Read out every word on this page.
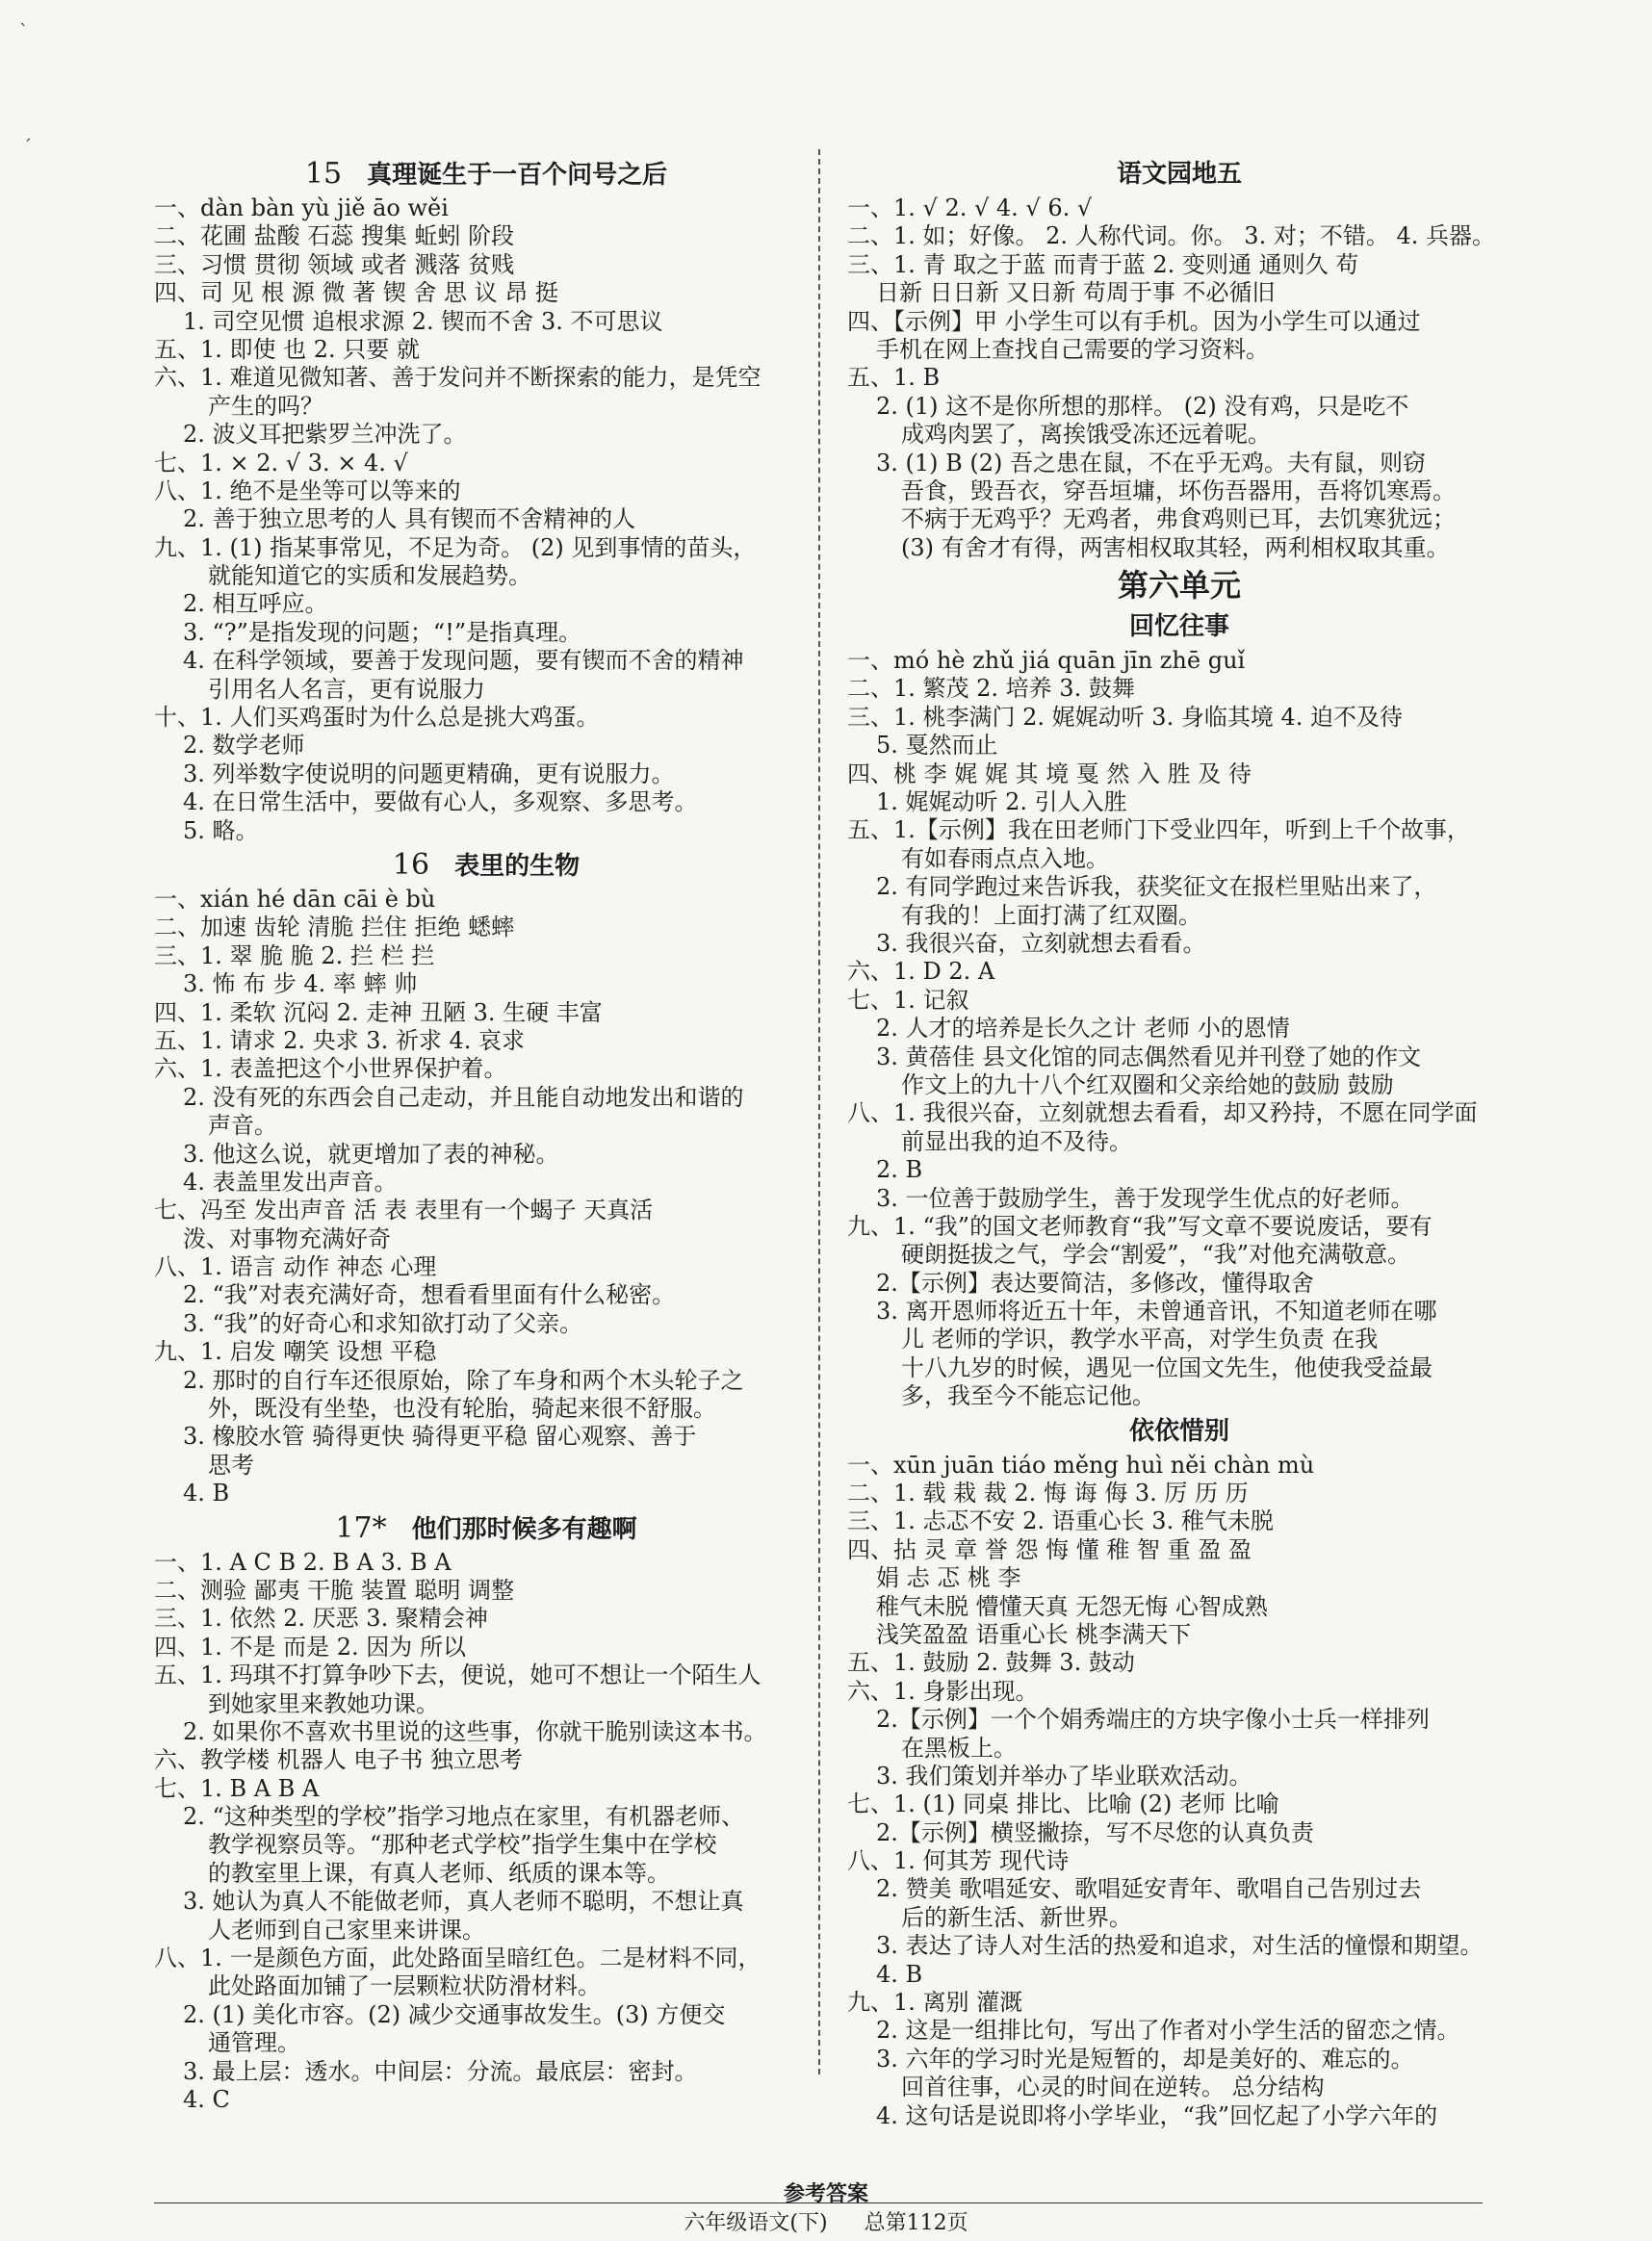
ˋ
ˊ
15 真理诞生于一百个问号之后
一、dàn bàn yù jiě āo wěi
二、花圃 盐酸 石蕊 搜集 蚯蚓 阶段
三、习惯 贯彻 领域 或者 溅落 贫贱
四、司 见 根 源 微 著 锲 舍 思 议 昂 挺
1. 司空见惯 追根求源 2. 锲而不舍 3. 不可思议
五、1. 即使 也 2. 只要 就
六、1. 难道见微知著、善于发问并不断探索的能力，是凭空
产生的吗？
2. 波义耳把紫罗兰冲洗了。
七、1. × 2. √ 3. × 4. √
八、1. 绝不是坐等可以等来的
2. 善于独立思考的人 具有锲而不舍精神的人
九、1. (1) 指某事常见，不足为奇。 (2) 见到事情的苗头，
就能知道它的实质和发展趋势。
2. 相互呼应。
3. “?”是指发现的问题；“!”是指真理。
4. 在科学领域，要善于发现问题，要有锲而不舍的精神
引用名人名言，更有说服力
十、1. 人们买鸡蛋时为什么总是挑大鸡蛋。
2. 数学老师
3. 列举数字使说明的问题更精确，更有说服力。
4. 在日常生活中，要做有心人，多观察、多思考。
5. 略。
16 表里的生物
一、xián hé dān cāi è bù
二、加速 齿轮 清脆 拦住 拒绝 蟋蟀
三、1. 翠 脆 脆 2. 拦 栏 拦
3. 怖 布 步 4. 率 蟀 帅
四、1. 柔软 沉闷 2. 走神 丑陋 3. 生硬 丰富
五、1. 请求 2. 央求 3. 祈求 4. 哀求
六、1. 表盖把这个小世界保护着。
2. 没有死的东西会自己走动，并且能自动地发出和谐的
声音。
3. 他这么说，就更增加了表的神秘。
4. 表盖里发出声音。
七、冯至 发出声音 活 表 表里有一个蝎子 天真活
泼、对事物充满好奇
八、1. 语言 动作 神态 心理
2. “我”对表充满好奇，想看看里面有什么秘密。
3. “我”的好奇心和求知欲打动了父亲。
九、1. 启发 嘲笑 设想 平稳
2. 那时的自行车还很原始，除了车身和两个木头轮子之
外，既没有坐垫，也没有轮胎，骑起来很不舒服。
3. 橡胶水管 骑得更快 骑得更平稳 留心观察、善于
思考
4. B
17* 他们那时候多有趣啊
一、1. A C B 2. B A 3. B A
二、测验 鄙夷 干脆 装置 聪明 调整
三、1. 依然 2. 厌恶 3. 聚精会神
四、1. 不是 而是 2. 因为 所以
五、1. 玛琪不打算争吵下去，便说，她可不想让一个陌生人
到她家里来教她功课。
2. 如果你不喜欢书里说的这些事，你就干脆别读这本书。
六、教学楼 机器人 电子书 独立思考
七、1. B A B A
2. “这种类型的学校”指学习地点在家里，有机器老师、
教学视察员等。“那种老式学校”指学生集中在学校
的教室里上课，有真人老师、纸质的课本等。
3. 她认为真人不能做老师，真人老师不聪明，不想让真
人老师到自己家里来讲课。
八、1. 一是颜色方面，此处路面呈暗红色。二是材料不同，
此处路面加铺了一层颗粒状防滑材料。
2. (1) 美化市容。(2) 减少交通事故发生。(3) 方便交
通管理。
3. 最上层：透水。中间层：分流。最底层：密封。
4. C
语文园地五
一、1. √ 2. √ 4. √ 6. √
二、1. 如；好像。 2. 人称代词。你。 3. 对；不错。 4. 兵器。
三、1. 青 取之于蓝 而青于蓝 2. 变则通 通则久 苟
日新 日日新 又日新 苟周于事 不必循旧
四、【示例】甲 小学生可以有手机。因为小学生可以通过
手机在网上查找自己需要的学习资料。
五、1. B
2. (1) 这不是你所想的那样。 (2) 没有鸡，只是吃不
成鸡肉罢了，离挨饿受冻还远着呢。
3. (1) B (2) 吾之患在鼠，不在乎无鸡。夫有鼠，则窃
吾食，毁吾衣，穿吾垣墉，坏伤吾器用，吾将饥寒焉。
不病于无鸡乎？无鸡者，弗食鸡则已耳，去饥寒犹远；
(3) 有舍才有得，两害相权取其轻，两利相权取其重。
第六单元
回忆往事
一、mó hè zhǔ jiá quān jīn zhē guǐ
二、1. 繁茂 2. 培养 3. 鼓舞
三、1. 桃李满门 2. 娓娓动听 3. 身临其境 4. 迫不及待
5. 戛然而止
四、桃 李 娓 娓 其 境 戛 然 入 胜 及 待
1. 娓娓动听 2. 引人入胜
五、1.【示例】我在田老师门下受业四年，听到上千个故事，
有如春雨点点入地。
2. 有同学跑过来告诉我，获奖征文在报栏里贴出来了，
有我的！上面打满了红双圈。
3. 我很兴奋，立刻就想去看看。
六、1. D 2. A
七、1. 记叙
2. 人才的培养是长久之计 老师 小的恩情
3. 黄蓓佳 县文化馆的同志偶然看见并刊登了她的作文
作文上的九十八个红双圈和父亲给她的鼓励 鼓励
八、1. 我很兴奋，立刻就想去看看，却又矜持，不愿在同学面
前显出我的迫不及待。
2. B
3. 一位善于鼓励学生，善于发现学生优点的好老师。
九、1. “我”的国文老师教育“我”写文章不要说废话，要有
硬朗挺拔之气，学会“割爱”，“我”对他充满敬意。
2.【示例】表达要简洁，多修改，懂得取舍
3. 离开恩师将近五十年，未曾通音讯，不知道老师在哪
儿 老师的学识，教学水平高，对学生负责 在我
十八九岁的时候，遇见一位国文先生，他使我受益最
多，我至今不能忘记他。
依依惜别
一、xūn juān tiáo měng huì něi chàn mù
二、1. 载 栽 裁 2. 悔 诲 侮 3. 厉 历 历
三、1. 忐忑不安 2. 语重心长 3. 稚气未脱
四、拈 灵 章 誉 怨 悔 懂 稚 智 重 盈 盈
娟 忐 忑 桃 李
稚气未脱 懵懂天真 无怨无悔 心智成熟
浅笑盈盈 语重心长 桃李满天下
五、1. 鼓励 2. 鼓舞 3. 鼓动
六、1. 身影出现。
2.【示例】一个个娟秀端庄的方块字像小士兵一样排列
在黑板上。
3. 我们策划并举办了毕业联欢活动。
七、1. (1) 同桌 排比、比喻 (2) 老师 比喻
2.【示例】横竖撇捺，写不尽您的认真负责
八、1. 何其芳 现代诗
2. 赞美 歌唱延安、歌唱延安青年、歌唱自己告别过去
后的新生活、新世界。
3. 表达了诗人对生活的热爱和追求，对生活的憧憬和期望。
4. B
九、1. 离别 灌溉
2. 这是一组排比句，写出了作者对小学生活的留恋之情。
3. 六年的学习时光是短暂的，却是美好的、难忘的。
回首往事，心灵的时间在逆转。 总分结构
4. 这句话是说即将小学毕业，“我”回忆起了小学六年的
参考答案
六年级语文(下) 总第112页
